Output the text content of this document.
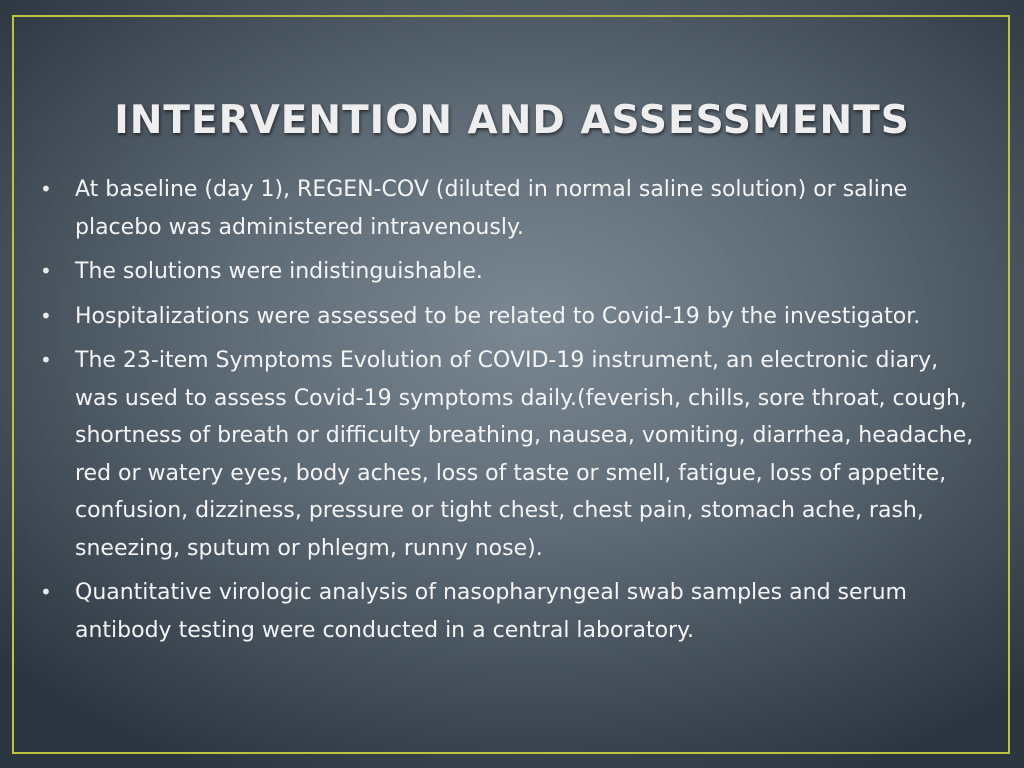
INTERVENTION AND ASSESSMENTS
• At baseline (day 1), REGEN-COV (diluted in normal saline solution) or saline placebo was administered intravenously.
• The solutions were indistinguishable.
• Hospitalizations were assessed to be related to Covid-19 by the investigator.
• The 23-item Symptoms Evolution of COVID-19 instrument, an electronic diary, was used to assess Covid-19 symptoms daily.(feverish, chills, sore throat, cough, shortness of breath or difficulty breathing, nausea, vomiting, diarrhea, headache, red or watery eyes, body aches, loss of taste or smell, fatigue, loss of appetite, confusion, dizziness, pressure or tight chest, chest pain, stomach ache, rash, sneezing, sputum or phlegm, runny nose).
• Quantitative virologic analysis of nasopharyngeal swab samples and serum antibody testing were conducted in a central laboratory.
